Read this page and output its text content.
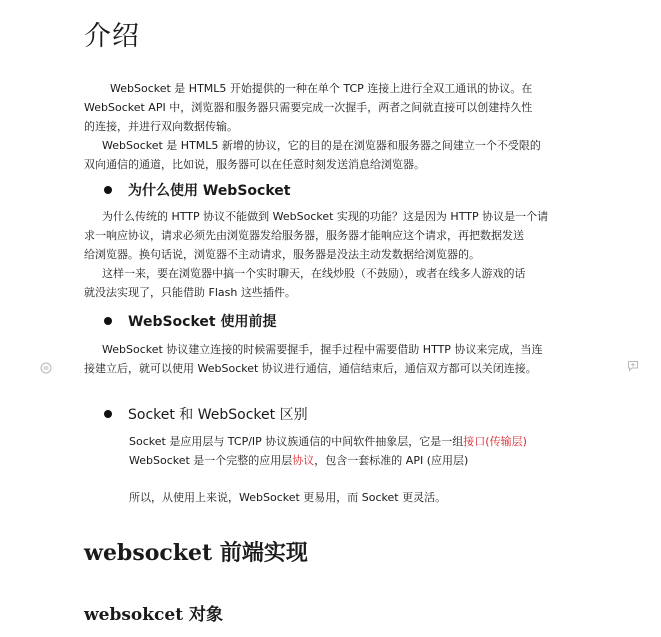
介绍
WebSocket 是 HTML5 开始提供的一种在单个 TCP 连接上进行全双工通讯的协议。在
WebSocket API 中，浏览器和服务器只需要完成一次握手，两者之间就直接可以创建持久性
的连接，并进行双向数据传输。
WebSocket 是 HTML5 新增的协议，它的目的是在浏览器和服务器之间建立一个不受限的
双向通信的通道，比如说，服务器可以在任意时刻发送消息给浏览器。
为什么使用 WebSocket
为什么传统的 HTTP 协议不能做到 WebSocket 实现的功能？这是因为 HTTP 协议是一个请
求一响应协议，请求必须先由浏览器发给服务器，服务器才能响应这个请求，再把数据发送
给浏览器。换句话说，浏览器不主动请求，服务器是没法主动发数据给浏览器的。
这样一来，要在浏览器中搞一个实时聊天，在线炒股（不鼓励），或者在线多人游戏的话
就没法实现了，只能借助 Flash 这些插件。
WebSocket 使用前提
WebSocket 协议建立连接的时候需要握手，握手过程中需要借助 HTTP 协议来完成，当连
接建立后，就可以使用 WebSocket 协议进行通信，通信结束后，通信双方都可以关闭连接。
Socket 和 WebSocket 区别
Socket 是应用层与 TCP/IP 协议族通信的中间软件抽象层，它是一组接口(传输层)
WebSocket 是一个完整的应用层协议，包含一套标准的 API (应用层)
所以，从使用上来说，WebSocket 更易用，而 Socket 更灵活。
websocket 前端实现
websokcet 对象
